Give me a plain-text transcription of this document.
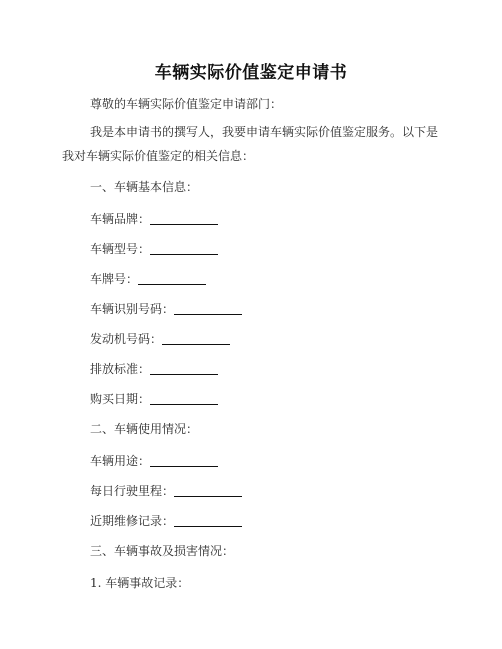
车辆实际价值鉴定申请书
尊敬的车辆实际价值鉴定申请部门：
我是本申请书的撰写人，我要申请车辆实际价值鉴定服务。以下是我对车辆实际价值鉴定的相关信息：
一、车辆基本信息：
车辆品牌：
车辆型号：
车牌号：
车辆识别号码：
发动机号码：
排放标准：
购买日期：
二、车辆使用情况：
车辆用途：
每日行驶里程：
近期维修记录：
三、车辆事故及损害情况：
1. 车辆事故记录：
